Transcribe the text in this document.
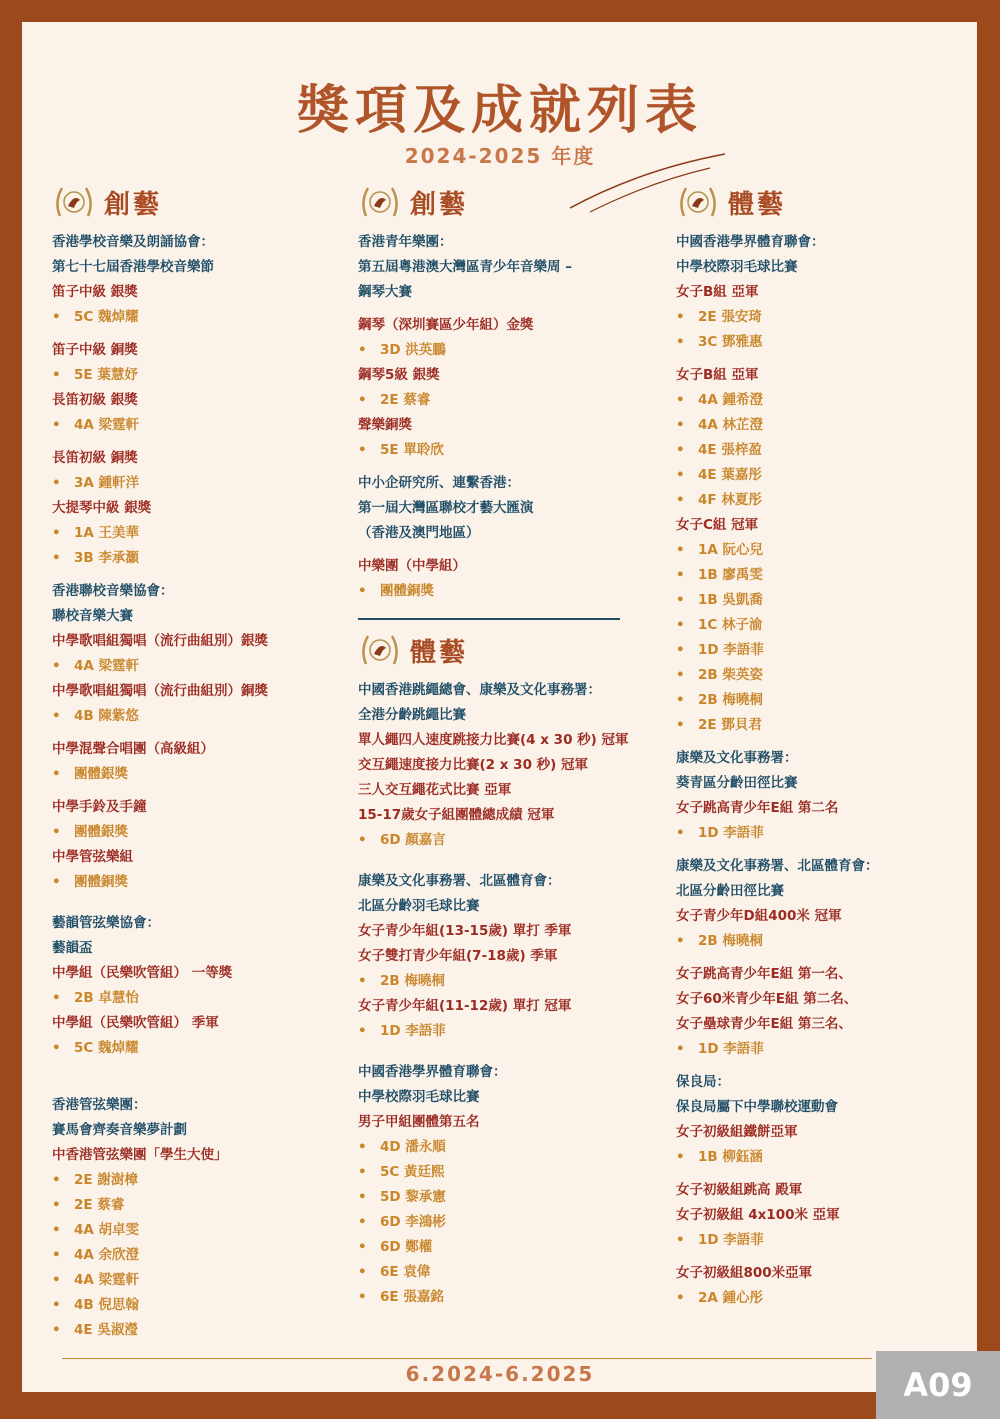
獎項及成就列表
2024-2025 年度
創藝
香港學校音樂及朗誦協會：
第七十七屆香港學校音樂節
笛子中級 銀獎
• 5C 魏焯耀
笛子中級 銅獎
• 5E 葉慧妤
長笛初級 銀獎
• 4A 梁霆軒
長笛初級 銅獎
• 3A 鍾軒洋
大提琴中級 銀獎
• 1A 王美華
• 3B 李承灝
香港聯校音樂協會：
聯校音樂大賽
中學歌唱組獨唱（流行曲組別）銀獎
• 4A 梁霆軒
中學歌唱組獨唱（流行曲組別）銅獎
• 4B 陳紫悠
中學混聲合唱團（高級組）
• 團體銀獎
中學手鈴及手鐘
• 團體銀獎
中學管弦樂組
• 團體銅獎
藝韻管弦樂協會：
藝韻盃
中學組（民樂吹管組） 一等獎
• 2B 卓慧怡
中學組（民樂吹管組） 季軍
• 5C 魏焯耀
香港管弦樂團：
賽馬會齊奏音樂夢計劃
中香港管弦樂團「學生大使」
• 2E 謝澍樟
• 2E 蔡睿
• 4A 胡卓雯
• 4A 余欣澄
• 4A 梁霆軒
• 4B 倪思翰
• 4E 吳淑瀅
創藝
香港青年樂團：
第五屆粵港澳大灣區青少年音樂周 –
鋼琴大賽
鋼琴（深圳賽區少年組）金獎
• 3D 洪英鵬
鋼琴5級 銀獎
• 2E 蔡睿
聲樂銅獎
• 5E 單聆欣
中小企研究所、連繫香港：
第一屆大灣區聯校才藝大匯演
（香港及澳門地區）
中樂團（中學組）
• 團體銅獎
體藝
中國香港跳繩總會、康樂及文化事務署：
全港分齡跳繩比賽
單人繩四人速度跳接力比賽(4 x 30 秒) 冠軍
交互繩速度接力比賽(2 x 30 秒) 冠軍
三人交互繩花式比賽 亞軍
15-17歲女子組團體總成績 冠軍
• 6D 顏嘉言
康樂及文化事務署、北區體育會：
北區分齡羽毛球比賽
女子青少年組(13-15歲) 單打 季軍
女子雙打青少年組(7-18歲) 季軍
• 2B 梅曉桐
女子青少年組(11-12歲) 單打 冠軍
• 1D 李語菲
中國香港學界體育聯會：
中學校際羽毛球比賽
男子甲組團體第五名
• 4D 潘永順
• 5C 黃廷熙
• 5D 黎承憲
• 6D 李鴻彬
• 6D 鄭權
• 6E 袁偉
• 6E 張嘉銘
體藝
中國香港學界體育聯會：
中學校際羽毛球比賽
女子B組 亞軍
• 2E 張安琦
• 3C 鄧雅惠
女子B組 亞軍
• 4A 鍾希澄
• 4A 林芷澄
• 4E 張梓盈
• 4E 葉嘉彤
• 4F 林夏彤
女子C組 冠軍
• 1A 阮心兒
• 1B 廖禹雯
• 1B 吳凱喬
• 1C 林子渝
• 1D 李語菲
• 2B 柴英姿
• 2B 梅曉桐
• 2E 鄧貝君
康樂及文化事務署：
葵青區分齡田徑比賽
女子跳高青少年E組 第二名
• 1D 李語菲
康樂及文化事務署、北區體育會：
北區分齡田徑比賽
女子青少年D組400米 冠軍
• 2B 梅曉桐
女子跳高青少年E組 第一名、
女子60米青少年E組 第二名、
女子壘球青少年E組 第三名、
• 1D 李語菲
保良局：
保良局屬下中學聯校運動會
女子初級組鐵餅亞軍
• 1B 柳鈺涵
女子初級組跳高 殿軍
女子初級組 4x100米 亞軍
• 1D 李語菲
女子初級組800米亞軍
• 2A 鍾心彤
6.2024-6.2025	A09
